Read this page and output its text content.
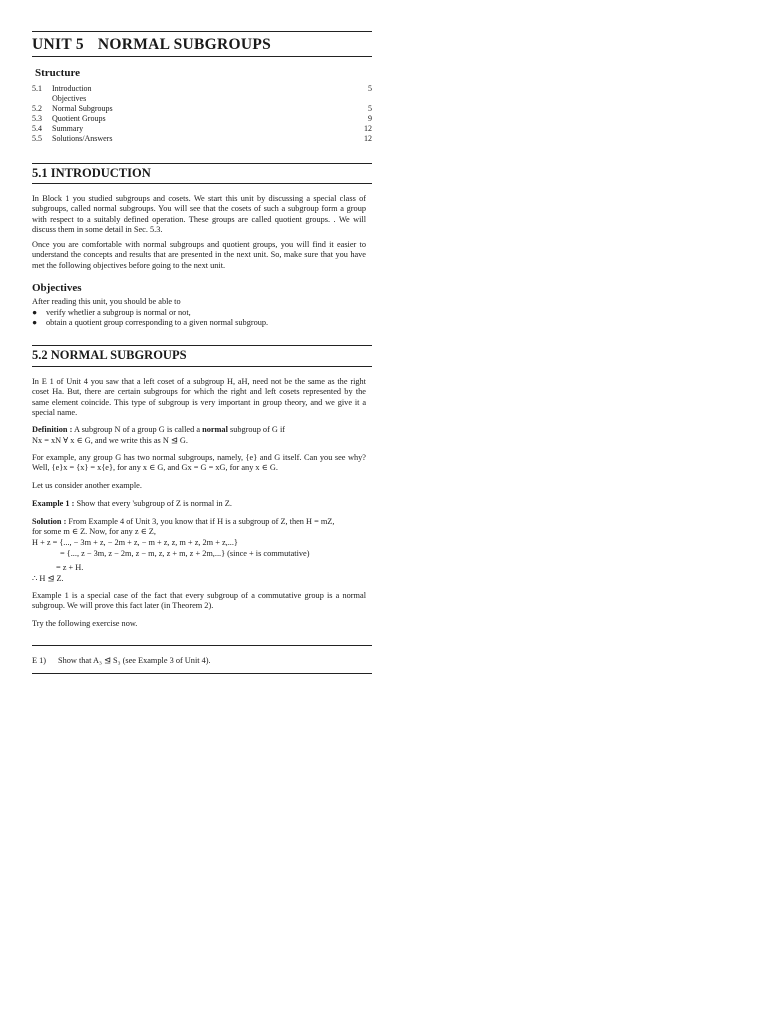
UNIT 5 NORMAL SUBGROUPS
Structure
5.1	Introduction	5
Objectives
5.2	Normal Subgroups	5
5.3	Quotient Groups	9
5.4	Summary	12
5.5	Solutions/Answers	12
5.1 INTRODUCTION
In Block 1 you studied subgroups and cosets. We start this unit by discussing a special class of subgroups, called normal subgroups. You will see that the cosets of such a subgroup form a group with respect to a suitably defined operation. These groups are called quotient groups. . We will discuss them in some detail in Sec. 5.3.
Once you are comfortable with normal subgroups and quotient groups, you will find it easier to understand the concepts and results that are presented in the next unit. So, make sure that you have met the following objectives before going to the next unit.
Objectives
After reading this unit, you should be able to
●	verify whetlier a subgroup is normal or not,
●	obtain a quotient group corresponding to a given normal subgroup.
5.2 NORMAL SUBGROUPS
In E 1 of Unit 4 you saw that a left coset of a subgroup H, aH, need not be the same as the right coset Ha. But, there are certain subgroups for which the right and left cosets represented by the same element coincide. This type of subgroup is very important in group theory, and we give it a special name.
Definition : A subgroup N of a group G is called a normal subgroup of G if
Nx = xN ∀ x ∈ G, and we write this as N ⊴ G.
For example, any group G has two normal subgroups, namely, {e} and G itself. Can you see why? Well, {e}x = {x} = x{e}, for any x ∈ G, and Gx = G = xG, for any x ∈ G.
Let us consider another example.
Example 1 : Show that every 'subgroup of Z is normal in Z.
Solution : From Example 4 of Unit 3, you know that if H is a subgroup of Z, then H = mZ,
for some m ∈ Z. Now, for any z ∈ Z,
H + z = {..., − 3m + z, − 2m + z, − m + z, z, m + z, 2m + z,...}
= {..., z − 3m, z − 2m, z − m, z, z + m, z + 2m,...} (since + is commutative)
= z + H.
∴ H ⊴ Z.
Example 1 is a special case of the fact that every subgroup of a commutative group is a normal subgroup. We will prove this fact later (in Theorem 2).
Try the following exercise now.
E 1) Show that A₃ ⊴ S₃ (see Example 3 of Unit 4).
